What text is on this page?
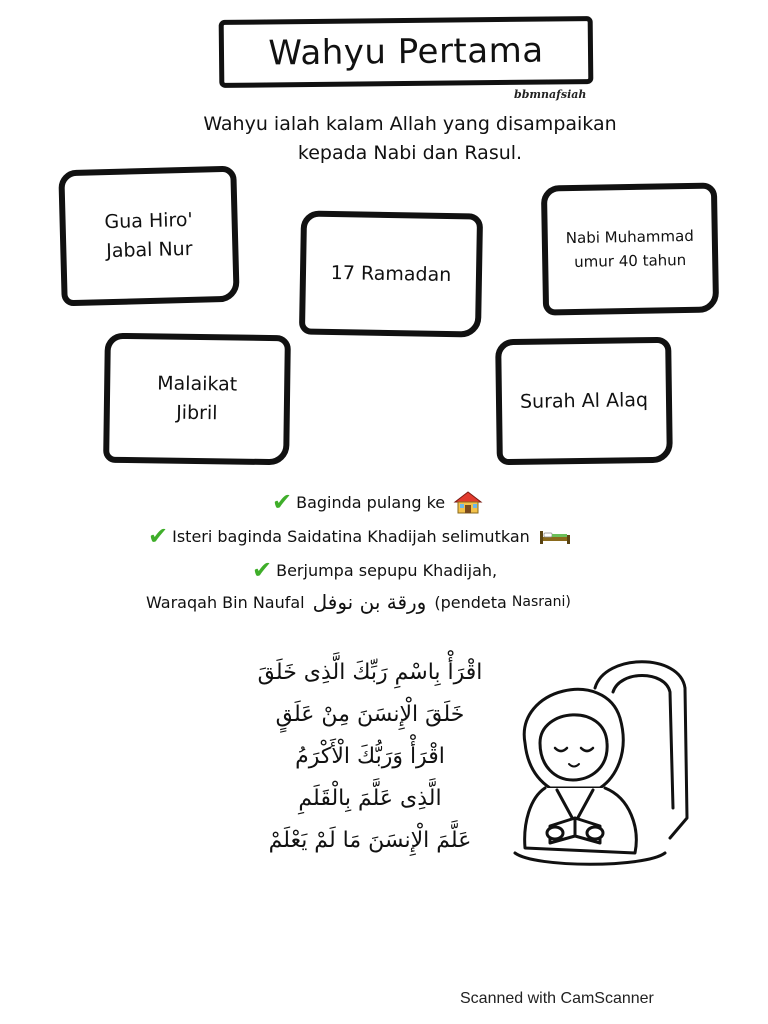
Wahyu Pertama
bbmnafsiah
Wahyu ialah kalam Allah yang disampaikan
kepada Nabi dan Rasul.
Gua Hiro'
Jabal Nur
17 Ramadan
Nabi Muhammad
umur 40 tahun
Malaikat
Jibril
Surah Al Alaq
✔ Baginda pulang ke
✔ Isteri baginda Saidatina Khadijah selimutkan
✔ Berjumpa sepupu Khadijah,
Waraqah Bin Naufal ورقة بن نوفل (pendeta
Nasrani)
اقْرَأْ بِاسْمِ رَبِّكَ الَّذِى خَلَقَ
خَلَقَ الْإِنسَنَ مِنْ عَلَقٍ
اقْرَأْ وَرَبُّكَ الْأَكْرَمُ
الَّذِى عَلَّمَ بِالْقَلَمِ
عَلَّمَ الْإِنسَنَ مَا لَمْ يَعْلَمْ
Scanned with CamScanner
